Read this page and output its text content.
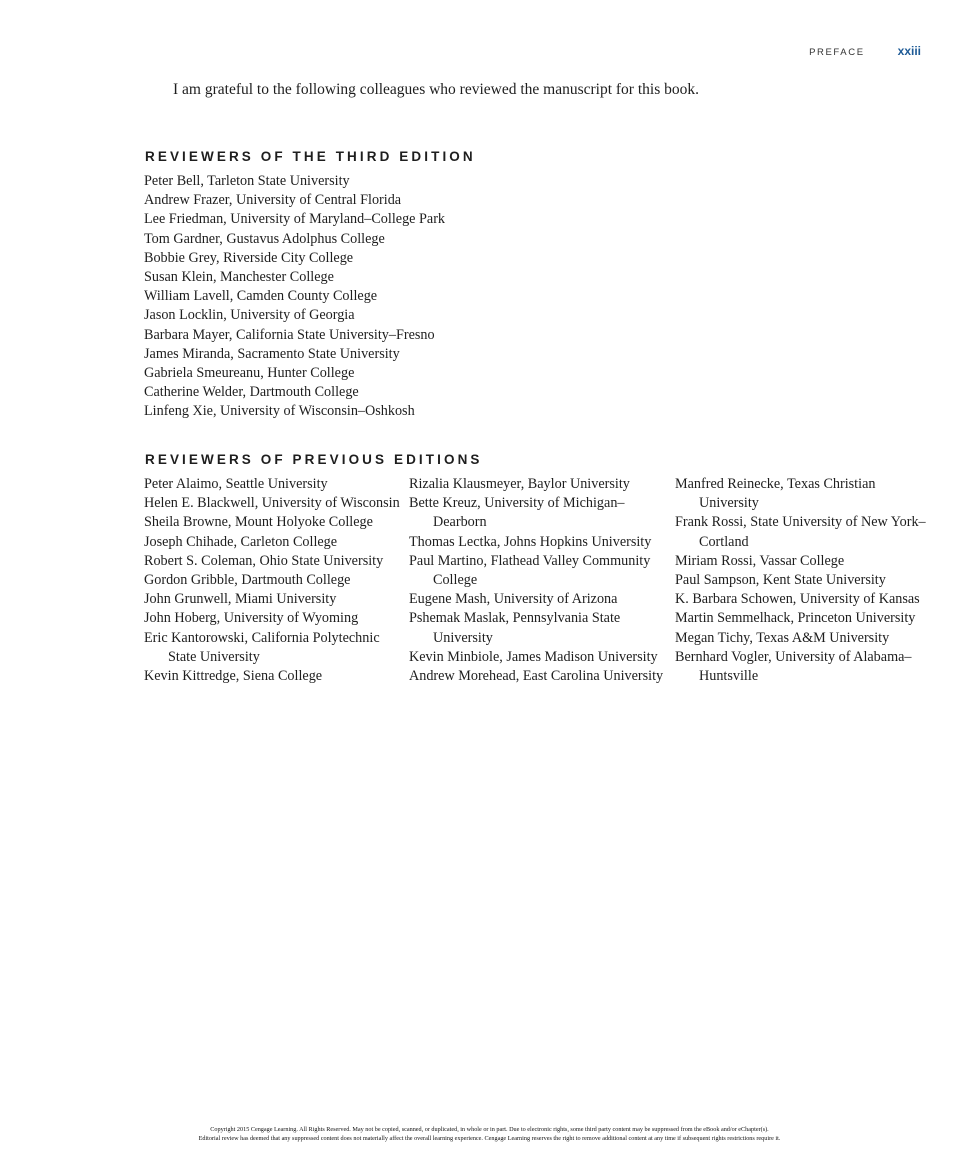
PREFACE	xxiii

I am grateful to the following colleagues who reviewed the manuscript for this book.

REVIEWERS OF THE THIRD EDITION
Peter Bell, Tarleton State University
Andrew Frazer, University of Central Florida
Lee Friedman, University of Maryland–College Park
Tom Gardner, Gustavus Adolphus College
Bobbie Grey, Riverside City College
Susan Klein, Manchester College
William Lavell, Camden County College
Jason Locklin, University of Georgia
Barbara Mayer, California State University–Fresno
James Miranda, Sacramento State University
Gabriela Smeureanu, Hunter College
Catherine Welder, Dartmouth College
Linfeng Xie, University of Wisconsin–Oshkosh
REVIEWERS OF PREVIOUS EDITIONS
Peter Alaimo, Seattle University
Helen E. Blackwell, University of Wisconsin
Sheila Browne, Mount Holyoke College
Joseph Chihade, Carleton College
Robert S. Coleman, Ohio State University
Gordon Gribble, Dartmouth College
John Grunwell, Miami University
John Hoberg, University of Wyoming
Eric Kantorowski, California Polytechnic State University
Kevin Kittredge, Siena College
Rizalia Klausmeyer, Baylor University
Bette Kreuz, University of Michigan–Dearborn
Thomas Lectka, Johns Hopkins University
Paul Martino, Flathead Valley Community College
Eugene Mash, University of Arizona
Pshemak Maslak, Pennsylvania State University
Kevin Minbiole, James Madison University
Andrew Morehead, East Carolina University
Manfred Reinecke, Texas Christian University
Frank Rossi, State University of New York–Cortland
Miriam Rossi, Vassar College
Paul Sampson, Kent State University
K. Barbara Schowen, University of Kansas
Martin Semmelhack, Princeton University
Megan Tichy, Texas A&M University
Bernhard Vogler, University of Alabama–Huntsville
Copyright 2015 Cengage Learning. All Rights Reserved. May not be copied, scanned, or duplicated, in whole or in part. Due to electronic rights, some third party content may be suppressed from the eBook and/or eChapter(s).
Editorial review has deemed that any suppressed content does not materially affect the overall learning experience. Cengage Learning reserves the right to remove additional content at any time if subsequent rights restrictions require it.
